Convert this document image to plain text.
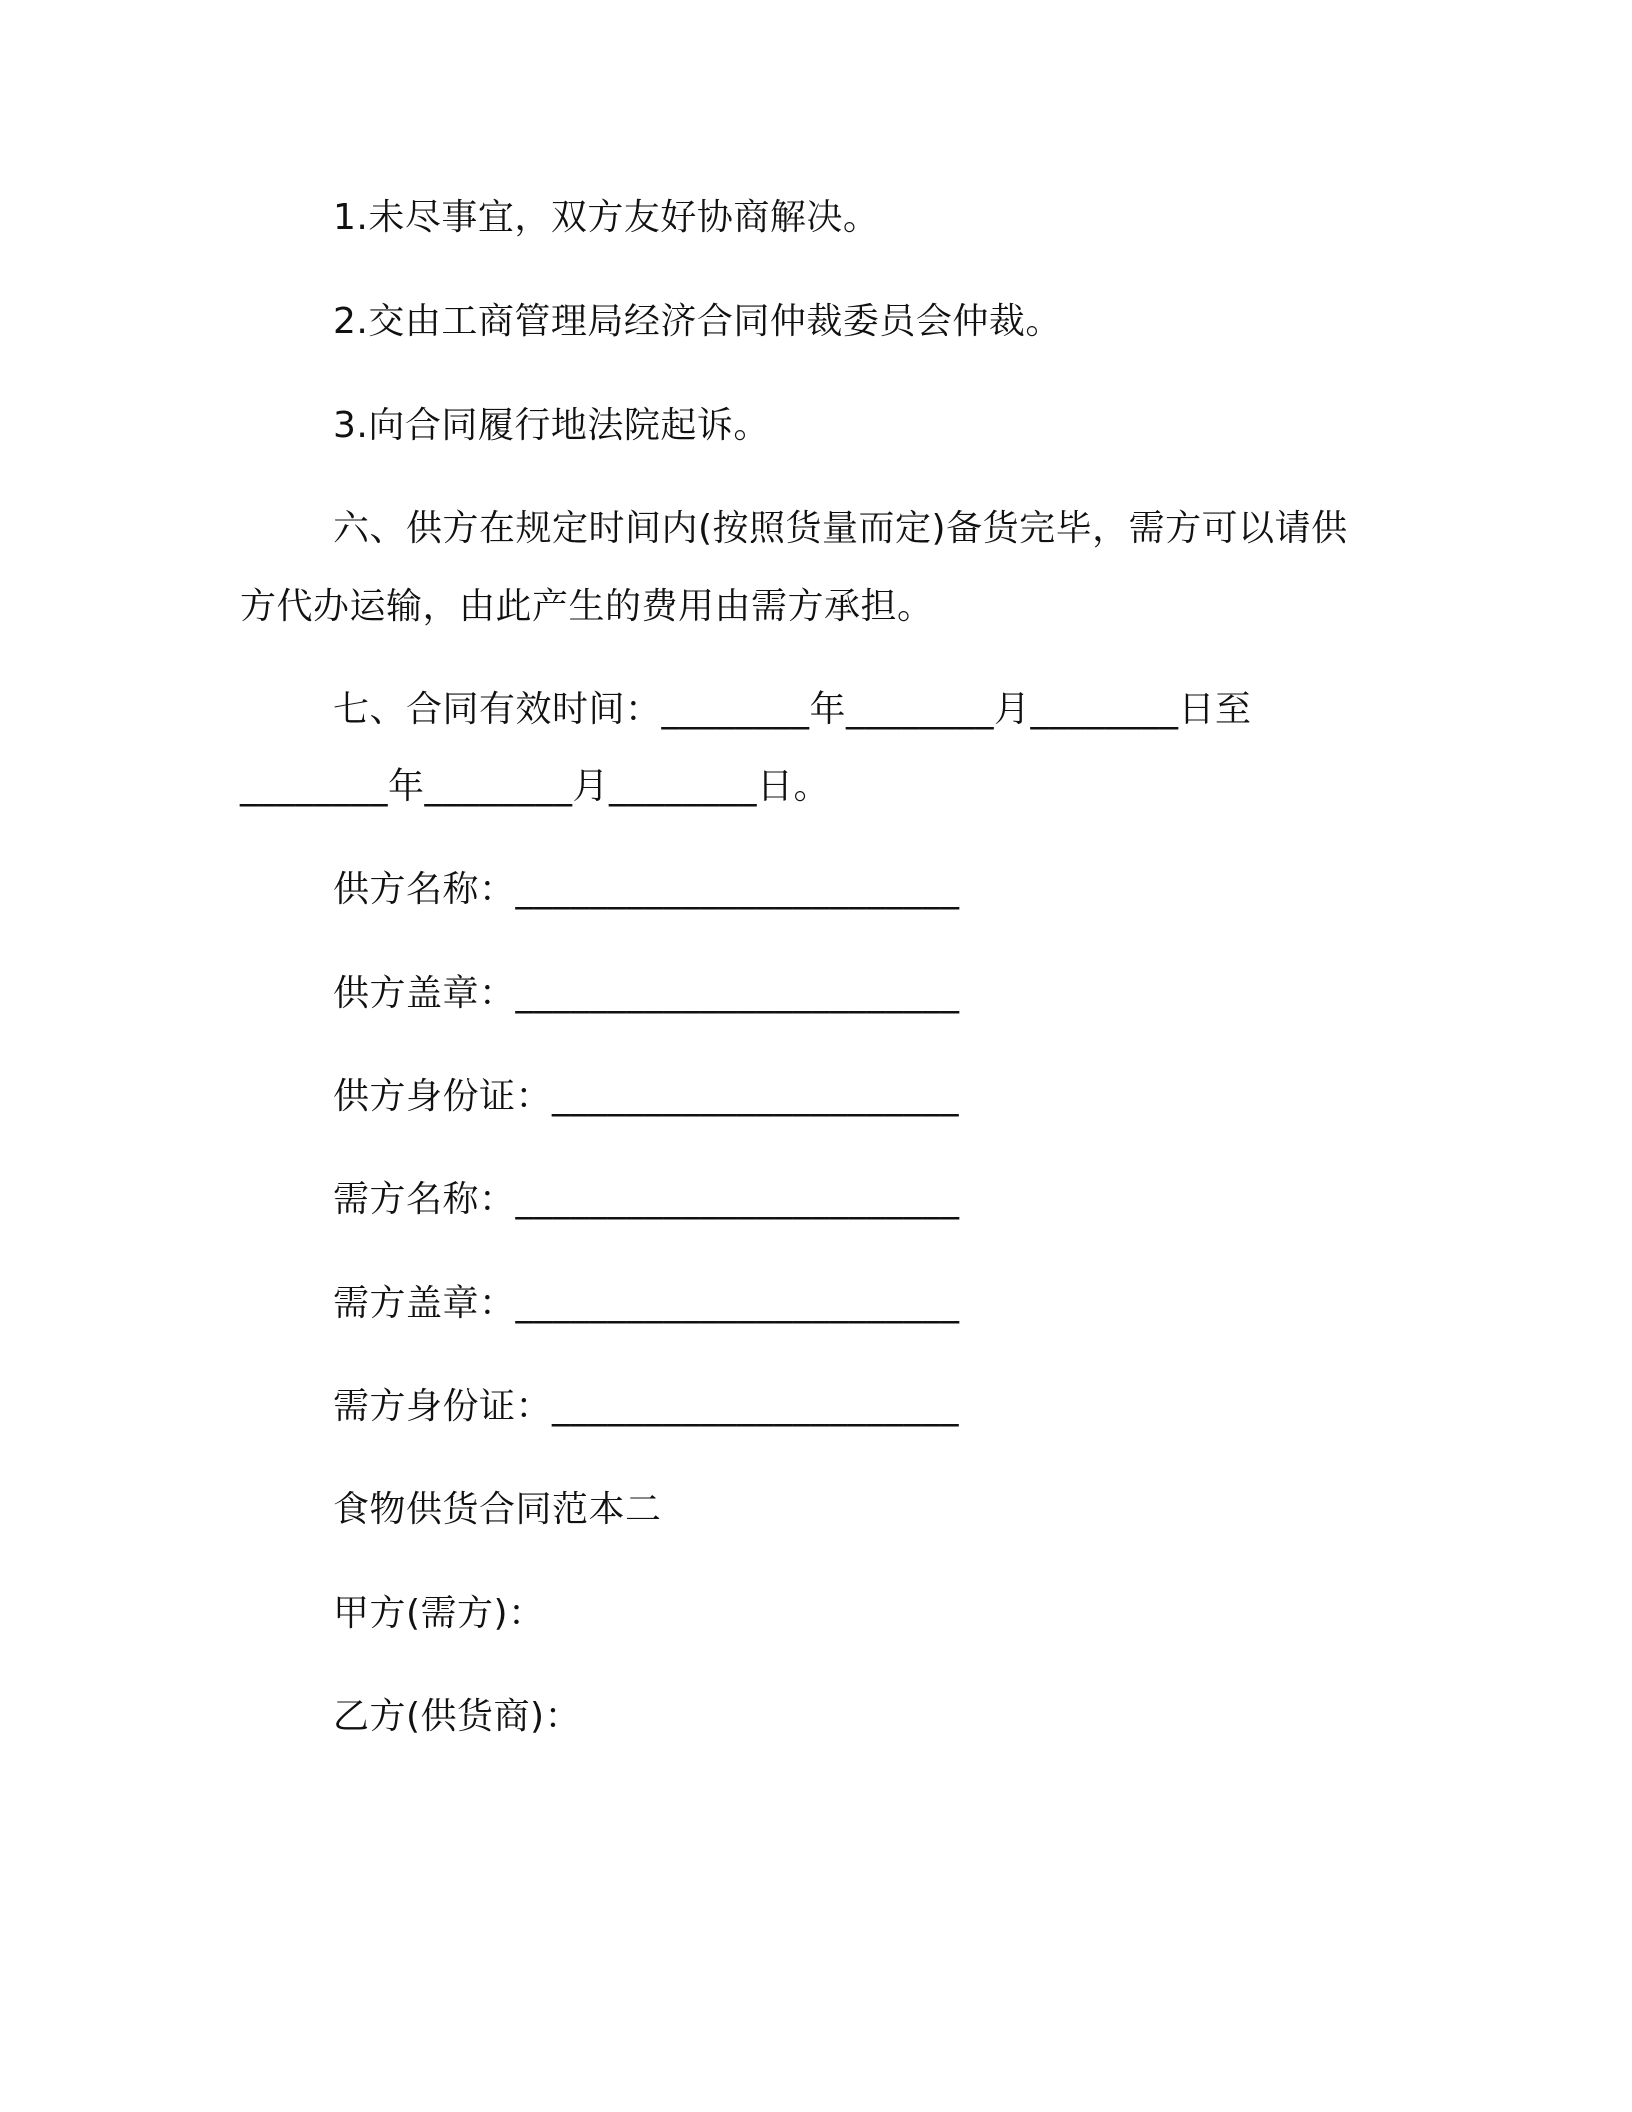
1.未尽事宜，双方友好协商解决。
2.交由工商管理局经济合同仲裁委员会仲裁。
3.向合同履行地法院起诉。
六、供方在规定时间内(按照货量而定)备货完毕，需方可以请供
方代办运输，由此产生的费用由需方承担。
七、合同有效时间：________年________月________日至
________年________月________日。
供方名称：________________________
供方盖章：________________________
供方身份证：______________________
需方名称：________________________
需方盖章：________________________
需方身份证：______________________
食物供货合同范本二
甲方(需方)：
乙方(供货商)：
